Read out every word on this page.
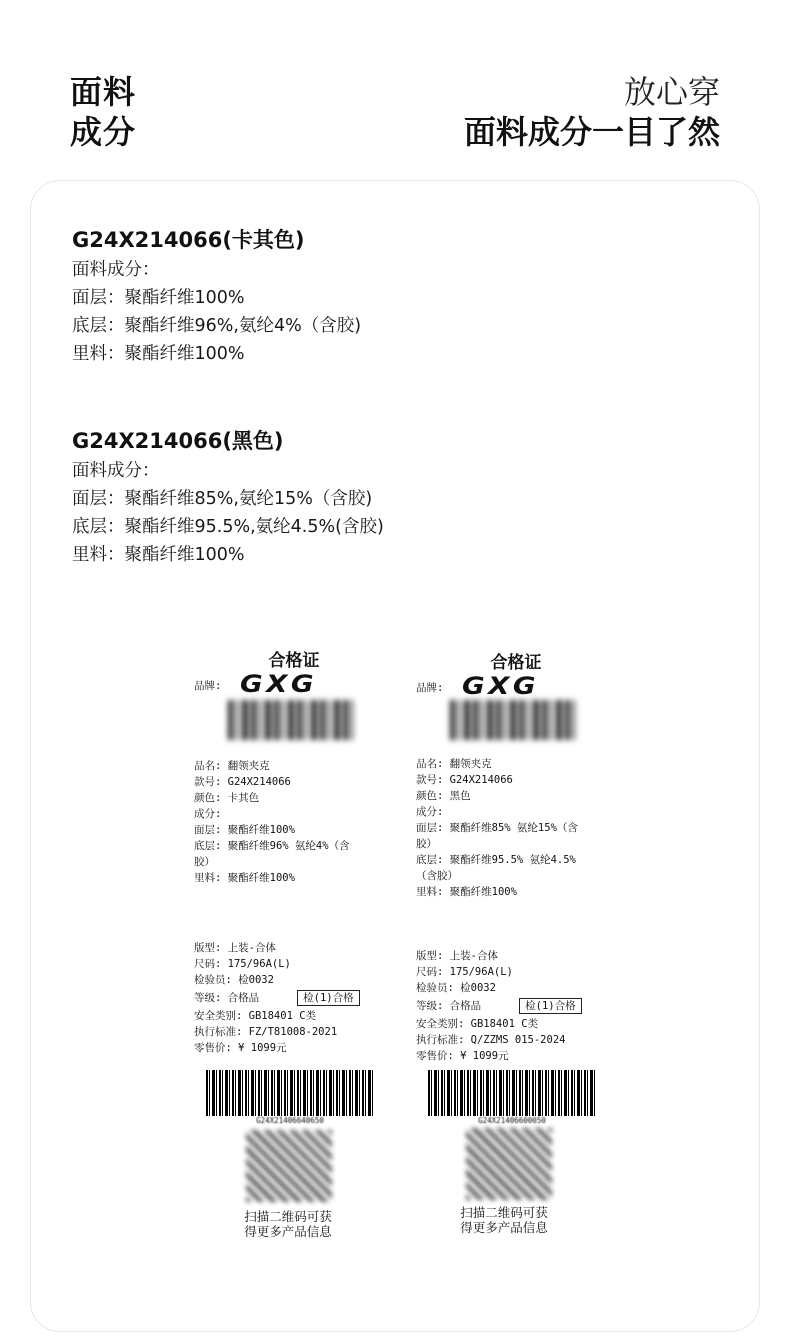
面料
成分
放心穿
面料成分一目了然
G24X214066(卡其色)
面料成分：
面层：聚酯纤维100%
底层：聚酯纤维96%,氨纶4%（含胶)
里料：聚酯纤维100%
G24X214066(黑色)
面料成分：
面层：聚酯纤维85%,氨纶15%（含胶)
底层：聚酯纤维95.5%,氨纶4.5%(含胶)
里料：聚酯纤维100%
合格证
品牌: GXG
品名: 翻领夹克
款号: G24X214066
颜色: 卡其色
成分:
面层: 聚酯纤维100%
底层: 聚酯纤维96% 氨纶4%（含
胶）
里料: 聚酯纤维100%
版型: 上装-合体
尺码: 175/96A(L)
检验员: 检0032
等级: 合格品	检(1)合格
安全类别: GB18401 C类
执行标准: FZ/T81008-2021
零售价: ¥ 1099元
G24X21406640650
扫描二维码可获
得更多产品信息
合格证
品牌: GXG
品名: 翻领夹克
款号: G24X214066
颜色: 黑色
成分:
面层: 聚酯纤维85% 氨纶15%（含
胶）
底层: 聚酯纤维95.5% 氨纶4.5%
（含胶）
里料: 聚酯纤维100%
版型: 上装-合体
尺码: 175/96A(L)
检验员: 检0032
等级: 合格品	检(1)合格
安全类别: GB18401 C类
执行标准: Q/ZZMS 015-2024
零售价: ¥ 1099元
G24X21406600050
扫描二维码可获
得更多产品信息
